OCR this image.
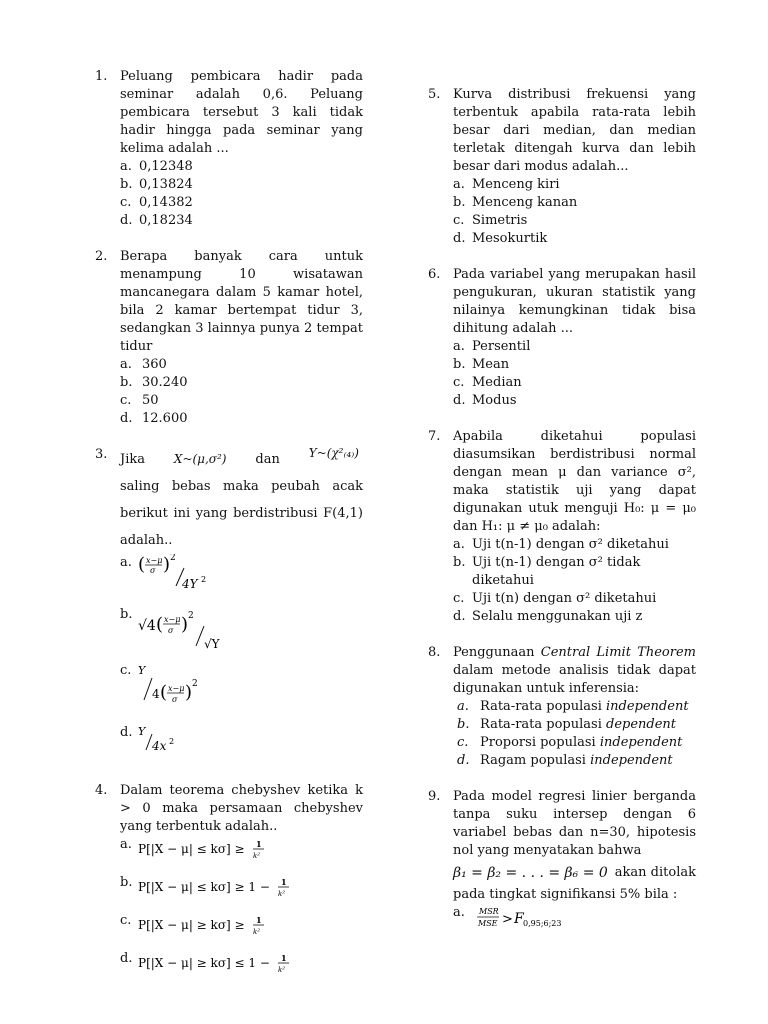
1. Peluang pembicara hadir pada seminar adalah 0,6. Peluang pembicara tersebut 3 kali tidak hadir hingga pada seminar yang kelima adalah ...
a. 0,12348
b. 0,13824
c. 0,14382
d. 0,18234
2. Berapa banyak cara untuk menampung 10 wisatawan mancanegara dalam 5 kamar hotel, bila 2 kamar bertempat tidur 3, sedangkan 3 lainnya punya 2 tempat tidur
a. 360
b. 30.240
c. 50
d. 12.600
3. Jika X~(μ,σ²) dan Y~(χ²₍₄₎)  saling bebas maka peubah acak berikut ini yang berdistribusi F(4,1) adalah..
( x−μ
σ ) 2
4Y 2
a.
√4 ( x−μ
σ ) 2
√Y
b.
Y
4 ( x−μ
σ ) 2
c.
Y
4x 2
d.
4. Dalam teorema chebyshev ketika k > 0 maka persamaan chebyshev yang terbentuk adalah..
P[|X − μ| ≤ kσ] ≥ 1
k²
a.
P[|X − μ| ≤ kσ] ≥ 1 − 1
k²
b.
P[|X − μ| ≥ kσ] ≥ 1
k²
c.
P[|X − μ| ≥ kσ] ≤ 1 − 1
k²
d.
5. Kurva distribusi frekuensi yang terbentuk apabila rata-rata lebih besar dari median, dan median terletak ditengah kurva dan lebih besar dari modus adalah...
a. Menceng kiri
b. Menceng kanan
c. Simetris
d. Mesokurtik
6. Pada variabel yang merupakan hasil pengukuran, ukuran statistik yang nilainya kemungkinan tidak bisa dihitung adalah ...
a. Persentil
b. Mean
c. Median
d. Modus
7. Apabila diketahui populasi diasumsikan berdistribusi normal dengan mean μ dan variance σ², maka statistik uji yang dapat digunakan utuk menguji H₀: μ = μ₀ dan H₁: μ ≠ μ₀ adalah:
a. Uji t(n-1) dengan σ² diketahui
b. Uji t(n-1) dengan σ² tidak diketahui
c. Uji t(n) dengan σ² diketahui
d. Selalu menggunakan uji z
8. Penggunaan Central Limit Theorem dalam metode analisis tidak dapat digunakan untuk inferensia:
a. Rata-rata populasi independent
b. Rata-rata populasi dependent
c. Proporsi populasi independent
d. Ragam populasi independent
9. Pada model regresi linier berganda tanpa suku intersep dengan 6 variabel bebas dan n=30, hipotesis nol yang menyatakan bahwa
β₁ = β₂ = . . . = β₆ = 0 akan ditolak
pada tingkat signifikansi 5% bila :
MSR
MSE > F 0,95;6;23
a.
